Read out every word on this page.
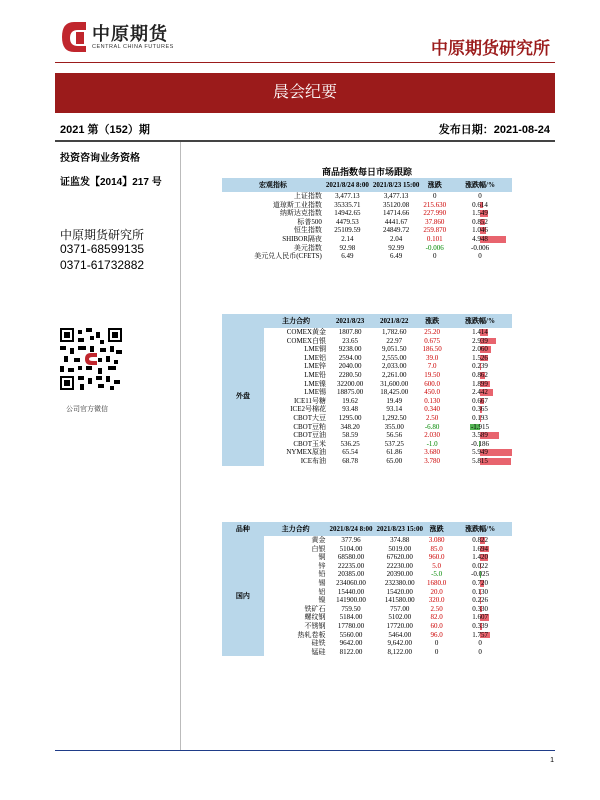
中原期货
CENTRAL CHINA FUTURES	中原期货研究所
晨会纪要
2021 第（152）期	发布日期：2021-08-24
投资咨询业务资格
证监发【2014】217 号
中原期货研究所
0371-68599135
0371-61732882
公司官方微信
商品指数每日市场跟踪
宏观指标	2021/8/24 8:00	2021/8/23 15:00	涨跌	涨跌幅/%
上证指数	3,477.13	3,477.13	0	0
道琼斯工业指数	35335.71	35120.08	215.630	0.614
纳斯达克指数	14942.65	14714.66	227.990	1.549
标普500	4479.53	4441.67	37.860	0.852
恒生指数	25109.59	24849.72	259.870	1.046
SHIBOR隔夜	2.14	2.04	0.101	4.948
美元指数	92.98	92.99	-0.006	-0.006
美元兑人民币(CFETS)	6.49	6.49	0	0
	主力合约	2021/8/23	2021/8/22	涨跌	涨跌幅/%
外盘	COMEX黄金	1807.80	1,782.60	25.20	1.414
	COMEX白银	23.65	22.97	0.675	2.939
	LME铜	9238.00	9,051.50	186.50	2.060
	LME铝	2594.00	2,555.00	39.0	1.526
	LME锌	2040.00	2,033.00	7.0	0.239
	LME铅	2280.50	2,261.00	19.50	0.862
	LME镍	32200.00	31,600.00	600.0	1.899
	LME锡	18875.00	18,425.00	450.0	2.442
	ICE11号糖	19.62	19.49	0.130	0.667
	ICE2号棉花	93.48	93.14	0.340	0.365
	CBOT大豆	1295.00	1,292.50	2.50	0.193
	CBOT豆粕	348.20	355.00	-6.80	-1.915
	CBOT豆油	58.59	56.56	2.030	3.589
	CBOT玉米	536.25	537.25	-1.0	-0.186
	NYMEX原油	65.54	61.86	3.680	5.949
	ICE布油	68.78	65.00	3.780	5.815
品种	主力合约	2021/8/24 8:00	2021/8/23 15:00	涨跌	涨跌幅/%
国内	黄金	377.96	374.88	3.080	0.822
	白银	5104.00	5019.00	85.0	1.694
	铜	68580.00	67620.00	960.0	1.420
	锌	22235.00	22230.00	5.0	0.022
	铅	20385.00	20390.00	-5.0	-0.025
	锡	234060.00	232380.00	1680.0	0.720
	铝	15440.00	15420.00	20.0	0.130
	镍	141900.00	141580.00	320.0	0.226
	铁矿石	759.50	757.00	2.50	0.330
	螺纹钢	5184.00	5102.00	82.0	1.607
	不锈钢	17780.00	17720.00	60.0	0.339
	热轧卷板	5560.00	5464.00	96.0	1.757
	硅铁	9642.00	9,642.00	0	0
	锰硅	8122.00	8,122.00	0	0
1
